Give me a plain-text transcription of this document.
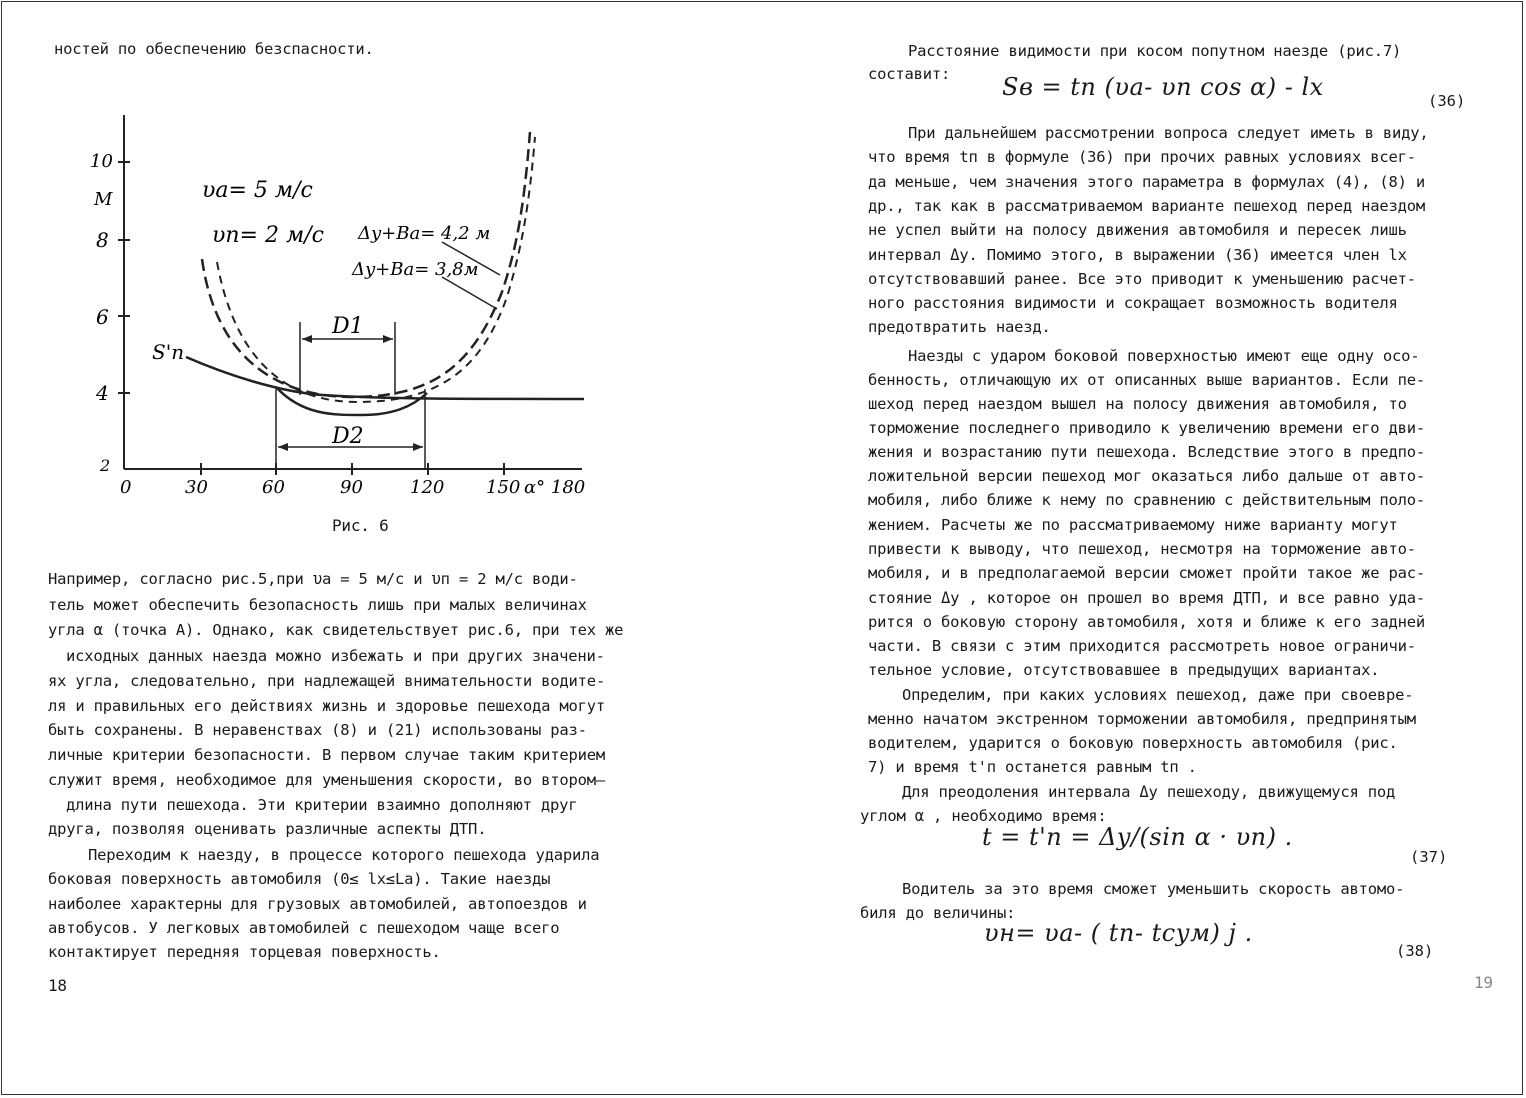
ностей по обеспечению безспасности.
10
M
8
6
4
2
0	30	60	90	120 150 α° 180
υa= 5 м/с
υп= 2 м/с Δy+Ba= 4,2 м
Δy+Ba= 3,8м
S'п
D1
D2
Рис. 6
Например, согласно рис.5,при υa = 5 м/с и υп = 2 м/с води-
тель может обеспечить безопасность лишь при малых величинах
угла α (точка А). Однако, как свидетельствует рис.6, при тех же
исходных данных наезда можно избежать и при других значени-
ях угла, следовательно, при надлежащей внимательности водите-
ля и правильных его действиях жизнь и здоровье пешехода могут
быть сохранены. В неравенствах (8) и (21) использованы раз-
личные критерии безопасности. В первом случае таким критерием
служит время, необходимое для уменьшения скорости, во втором–
длина пути пешехода. Эти критерии взаимно дополняют друг
друга, позволяя оценивать различные аспекты ДТП.
Переходим к наезду, в процессе которого пешехода ударила
боковая поверхность автомобиля (0≤ lx≤La). Такие наезды
наиболее характерны для грузовых автомобилей, автопоездов и
автобусов. У легковых автомобилей с пешеходом чаще всего
контактирует передняя торцевая поверхность.
18
Расстояние видимости при косом попутном наезде (рис.7)
составит: Sв = tп (υa- υп cos α) - lx	(36)
При дальнейшем рассмотрении вопроса следует иметь в виду,
что время tп в формуле (36) при прочих равных условиях всег-
да меньше, чем значения этого параметра в формулах (4), (8) и
др., так как в рассматриваемом варианте пешеход перед наездом
не успел выйти на полосу движения автомобиля и пересек лишь
интервал Δy. Помимо этого, в выражении (36) имеется член lx
отсутствовавший ранее. Все это приводит к уменьшению расчет-
ного расстояния видимости и сокращает возможность водителя
предотвратить наезд.
Наезды с ударом боковой поверхностью имеют еще одну осо-
бенность, отличающую их от описанных выше вариантов. Если пе-
шеход перед наездом вышел на полосу движения автомобиля, то
торможение последнего приводило к увеличению времени его дви-
жения и возрастанию пути пешехода. Вследствие этого в предпо-
ложительной версии пешеход мог оказаться либо дальше от авто-
мобиля, либо ближе к нему по сравнению с действительным поло-
жением. Расчеты же по рассматриваемому ниже варианту могут
привести к выводу, что пешеход, несмотря на торможение авто-
мобиля, и в предполагаемой версии сможет пройти такое же рас-
стояние Δy , которое он прошел во время ДТП, и все равно уда-
рится о боковую сторону автомобиля, хотя и ближе к его задней
части. В связи с этим приходится рассмотреть новое ограничи-
тельное условие, отсутствовавшее в предыдущих вариантах.
Определим, при каких условиях пешеход, даже при своевре-
менно начатом экстренном торможении автомобиля, предпринятым
водителем, ударится о боковую поверхность автомобиля (рис.
7) и время t'п останется равным tп .
Для преодоления интервала Δy пешеходу, движущемуся под
углом α , необходимо время:
t = t'п = Δy/(sin α · υп) .
(37)
Водитель за это время сможет уменьшить скорость автомо-
биля до величины:
υн= υa- ( tп- tсум) j .
(38)
19
